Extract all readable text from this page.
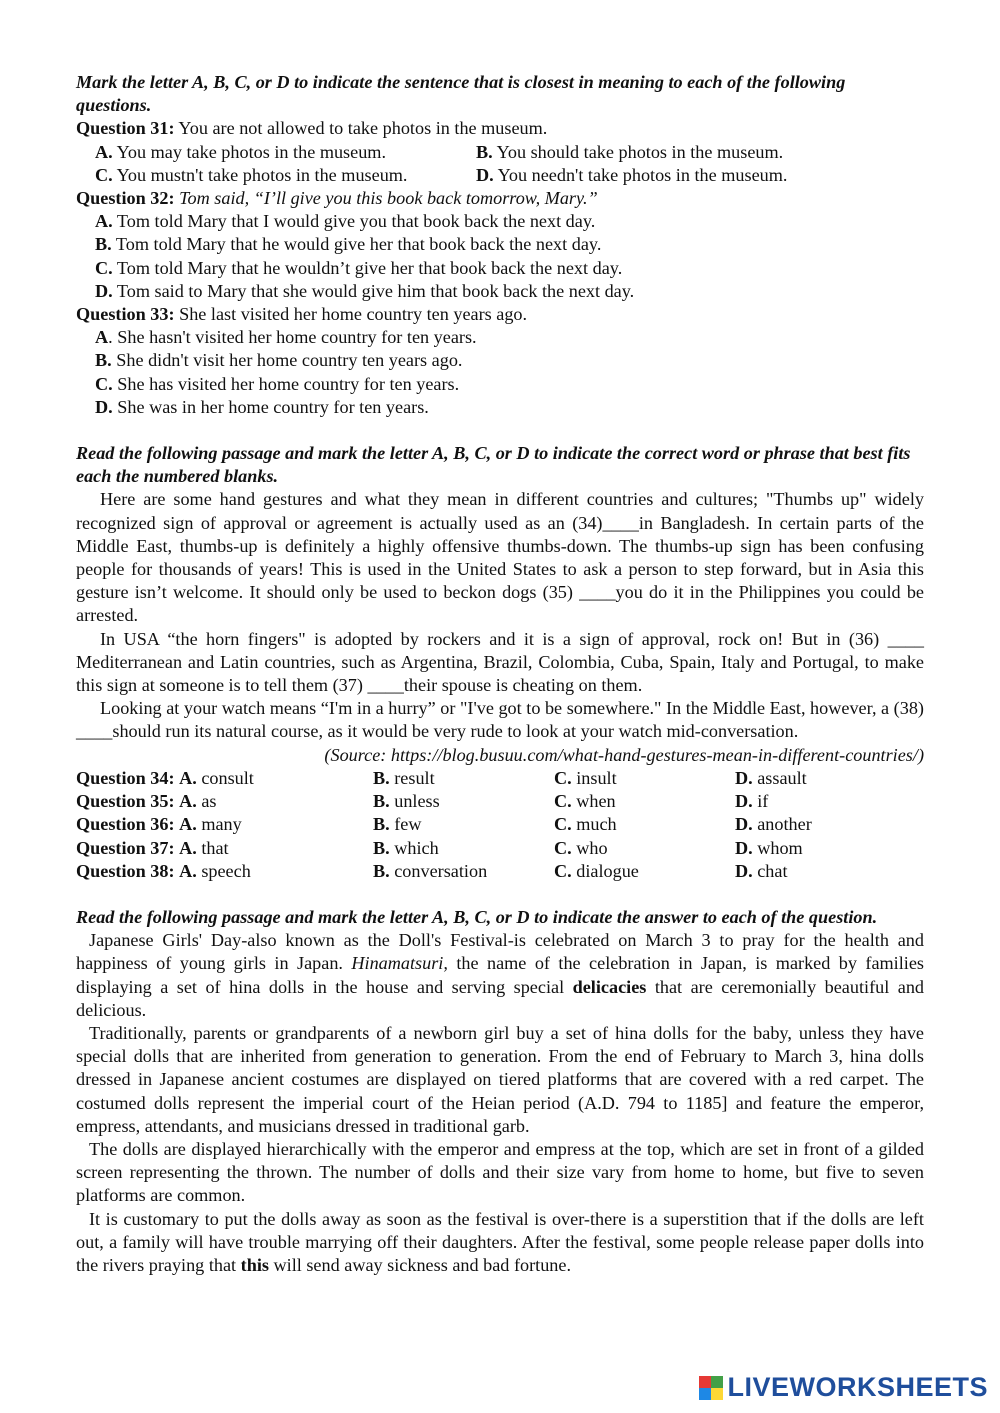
Mark the letter A, B, C, or D to indicate the sentence that is closest in meaning to each of the following questions.
Question 31: You are not allowed to take photos in the museum.
A. You may take photos in the museum.	B. You should take photos in the museum.
C. You mustn't take photos in the museum.	D. You needn't take photos in the museum.
Question 32: Tom said, “I’ll give you this book back tomorrow, Mary.”
A. Tom told Mary that I would give you that book back the next day.
B. Tom told Mary that he would give her that book back the next day.
C. Tom told Mary that he wouldn’t give her that book back the next day.
D. Tom said to Mary that she would give him that book back the next day.
Question 33: She last visited her home country ten years ago.
A. She hasn't visited her home country for ten years.
B. She didn't visit her home country ten years ago.
C. She has visited her home country for ten years.
D. She was in her home country for ten years.
Read the following passage and mark the letter A, B, C, or D to indicate the correct word or phrase that best fits each the numbered blanks.
Here are some hand gestures and what they mean in different countries and cultures; "Thumbs up" widely recognized sign of approval or agreement is actually used as an (34)____in Bangladesh. In certain parts of the Middle East, thumbs-up is definitely a highly offensive thumbs-down. The thumbs-up sign has been confusing people for thousands of years! This is used in the United States to ask a person to step forward, but in Asia this gesture isn’t welcome. It should only be used to beckon dogs (35) ____you do it in the Philippines you could be arrested.
In USA “the horn fingers" is adopted by rockers and it is a sign of approval, rock on! But in (36) ____ Mediterranean and Latin countries, such as Argentina, Brazil, Colombia, Cuba, Spain, Italy and Portugal, to make this sign at someone is to tell them (37) ____their spouse is cheating on them.
Looking at your watch means “I'm in a hurry” or "I've got to be somewhere." In the Middle East, however, a (38) ____should run its natural course, as it would be very rude to look at your watch mid-conversation.
(Source: https://blog.busuu.com/what-hand-gestures-mean-in-different-countries/)
Question 34: A. consult	B. result	C. insult	D. assault
Question 35: A. as	B. unless	C. when	D. if
Question 36: A. many	B. few	C. much	D. another
Question 37: A. that	B. which	C. who	D. whom
Question 38: A. speech	B. conversation	C. dialogue	D. chat
Read the following passage and mark the letter A, B, C, or D to indicate the answer to each of the question.
Japanese Girls' Day-also known as the Doll's Festival-is celebrated on March 3 to pray for the health and happiness of young girls in Japan. Hinamatsuri, the name of the celebration in Japan, is marked by families displaying a set of hina dolls in the house and serving special delicacies that are ceremonially beautiful and delicious.
Traditionally, parents or grandparents of a newborn girl buy a set of hina dolls for the baby, unless they have special dolls that are inherited from generation to generation. From the end of February to March 3, hina dolls dressed in Japanese ancient costumes are displayed on tiered platforms that are covered with a red carpet. The costumed dolls represent the imperial court of the Heian period (A.D. 794 to 1185] and feature the emperor, empress, attendants, and musicians dressed in traditional garb.
The dolls are displayed hierarchically with the emperor and empress at the top, which are set in front of a gilded screen representing the thrown. The number of dolls and their size vary from home to home, but five to seven platforms are common.
It is customary to put the dolls away as soon as the festival is over-there is a superstition that if the dolls are left out, a family will have trouble marrying off their daughters. After the festival, some people release paper dolls into the rivers praying that this will send away sickness and bad fortune.
LIVEWORKSHEETS
